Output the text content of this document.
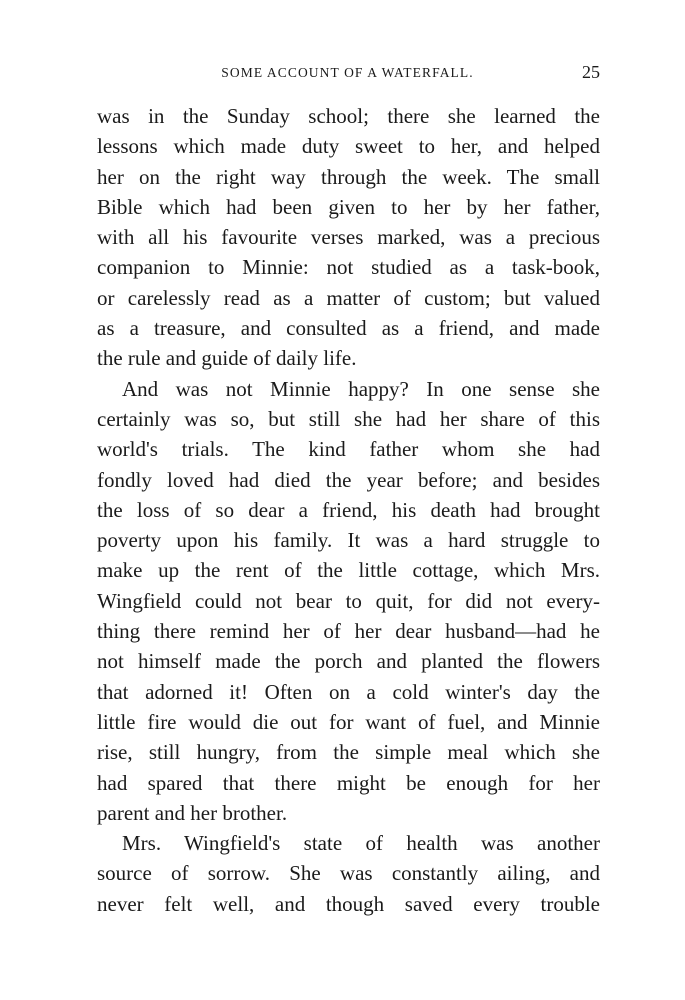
SOME ACCOUNT OF A WATERFALL.	25
was in the Sunday school; there she learned the
lessons which made duty sweet to her, and helped
her on the right way through the week. The small
Bible which had been given to her by her father,
with all his favourite verses marked, was a precious
companion to Minnie: not studied as a task-book,
or carelessly read as a matter of custom; but valued
as a treasure, and consulted as a friend, and made
the rule and guide of daily life.
And was not Minnie happy? In one sense she
certainly was so, but still she had her share of this
world's trials. The kind father whom she had
fondly loved had died the year before; and besides
the loss of so dear a friend, his death had brought
poverty upon his family. It was a hard struggle to
make up the rent of the little cottage, which Mrs.
Wingfield could not bear to quit, for did not every-
thing there remind her of her dear husband—had he
not himself made the porch and planted the flowers
that adorned it! Often on a cold winter's day the
little fire would die out for want of fuel, and Minnie
rise, still hungry, from the simple meal which she
had spared that there might be enough for her
parent and her brother.
Mrs. Wingfield's state of health was another
source of sorrow. She was constantly ailing, and
never felt well, and though saved every trouble
